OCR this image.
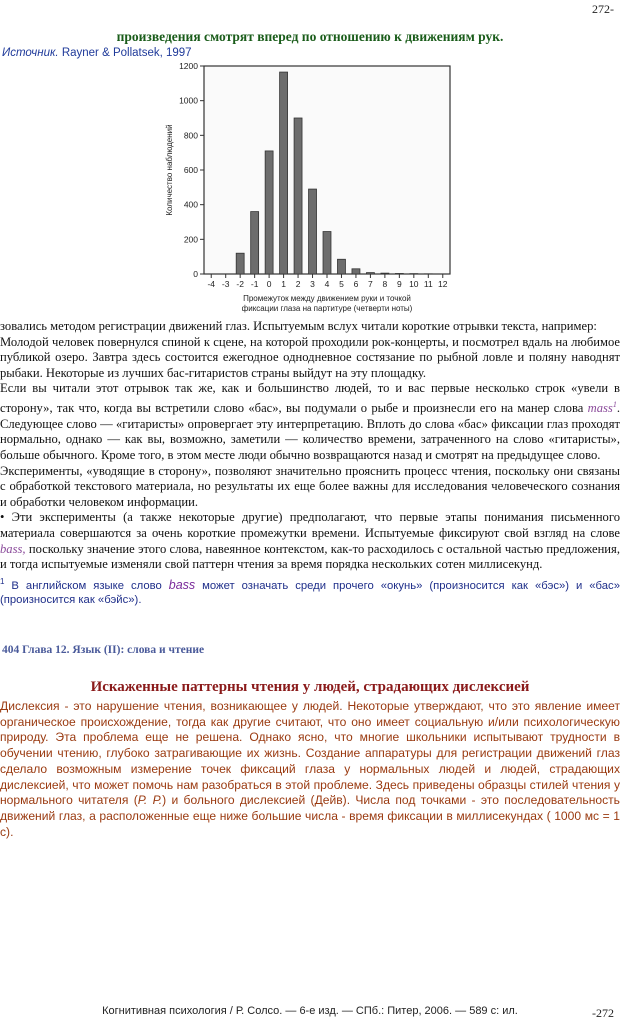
272-
произведения смотрят вперед по отношению к движениям рук.
Источник. Rayner & Pollatsek, 1997
0
200
400
600
800
1000
1200
-4 -3 -2 -1 0 1 2 3 4 5 6 7 8 9 10 11 12
Промежуток между движением руки и точкой
фиксации глаза на партитуре (четверти ноты)
Количество наблюдений

зовались методом регистрации движений глаз. Испытуемым вслух читали короткие отрывки текста, например:

Молодой человек повернулся спиной к сцене, на которой проходили рок-концерты, и посмотрел вдаль на любимое публикой озеро. Завтра здесь состоится ежегодное однодневное состязание по рыбной ловле и поляну наводнят рыбаки. Некоторые из лучших бас-гитаристов страны выйдут на эту площадку.

Если вы читали этот отрывок так же, как и большинство людей, то и вас первые несколько строк «увели в сторону», так что, когда вы встретили слово «бас», вы подумали о рыбе и произнесли его на манер слова mass$^1$. Следующее слово — «гитаристы» опровергает эту интерпретацию. Вплоть до слова «бас» фиксации глаз проходят нормально, однако — как вы, возможно, заметили — количество времени, затраченного на слово «гитаристы», больше обычного. Кроме того, в этом месте люди обычно возвращаются назад и смотрят на предыдущее слово.

Эксперименты, «уводящие в сторону», позволяют значительно прояснить процесс чтения, поскольку они связаны с обработкой текстового материала, но результаты их еще более важны для исследования человеческого сознания и обработки человеком информации.

• Эти эксперименты (а также некоторые другие) предполагают, что первые этапы понимания письменного материала совершаются за очень короткие промежутки времени. Испытуемые фиксируют свой взгляд на слове bass, поскольку значение этого слова, навеянное контекстом, как-то расходилось с остальной частью предложения, и тогда испытуемые изменяли свой паттерн чтения за время порядка нескольких сотен миллисекунд.

$^1$ В английском языке слово bass может означать среди прочего «окунь» (произносится как «бэс») и «бас» (произносится как «бэйс»).
404 Глава 12. Язык (II): слова и чтение
Искаженные паттерны чтения у людей, страдающих дислексией
Дислексия - это нарушение чтения, возникающее у людей. Некоторые утверждают, что это явление имеет органическое происхождение, тогда как другие считают, что оно имеет социальную и/или психологическую природу. Эта проблема еще не решена. Однако ясно, что многие школьники испытывают трудности в обучении чтению, глубоко затрагивающие их жизнь. Создание аппаратуры для регистрации движений глаз сделало возможным измерение точек фиксаций глаза у нормальных людей и людей, страдающих дислексией, что может помочь нам разобраться в этой проблеме. Здесь приведены образцы стилей чтения у нормального читателя (Р. Р.) и больного дислексией (Дейв). Числа под точками - это последовательность движений глаз, а расположенные еще ниже большие числа - время фиксации в миллисекундах ( 1000 мс = 1 с).
Когнитивная психология / Р. Солсо. — 6-е изд. — СПб.: Питер, 2006. — 589 с: ил.	-272
